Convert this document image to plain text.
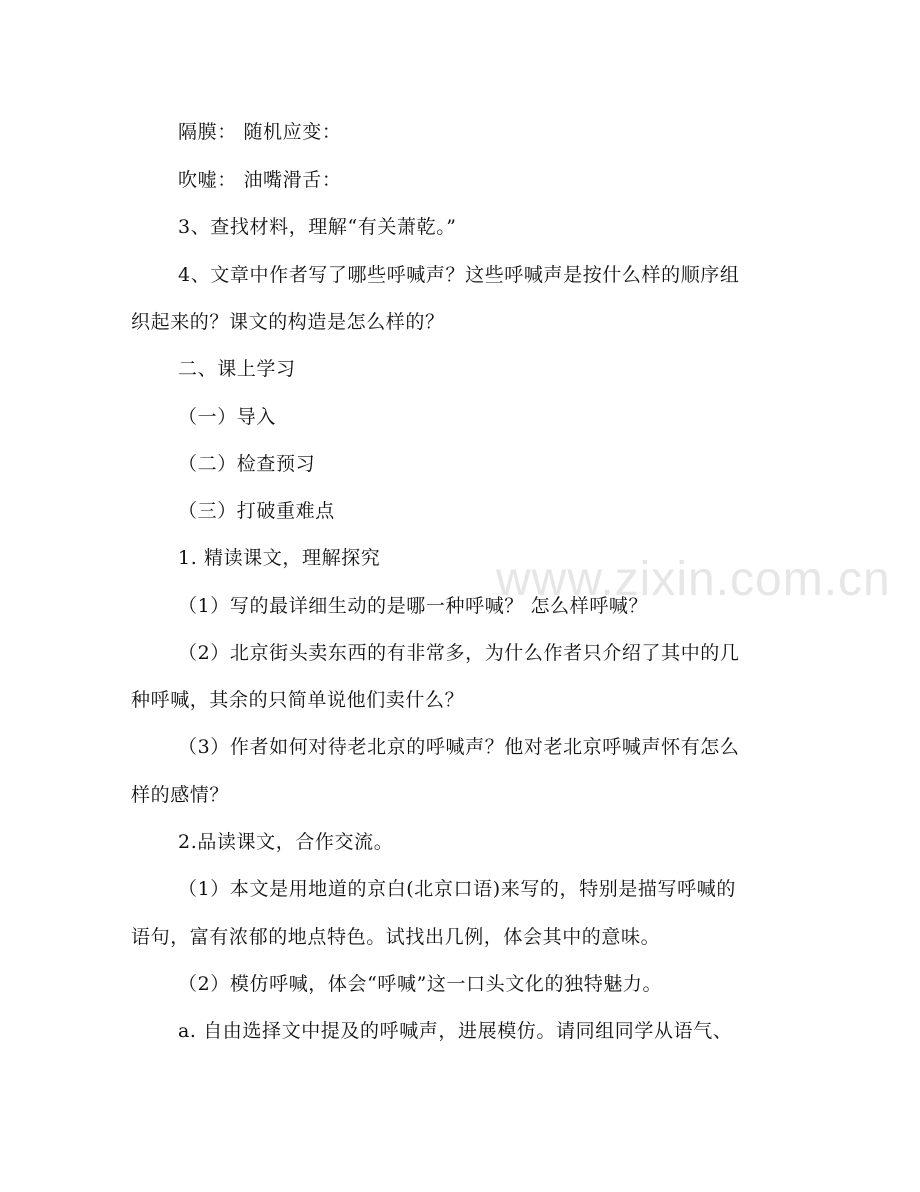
隔膜： 随机应变：
吹嘘： 油嘴滑舌：
3、查找材料，理解“有关萧乾。”
4、文章中作者写了哪些呼喊声？这些呼喊声是按什么样的顺序组
织起来的？课文的构造是怎么样的？
二、课上学习
（一）导入
（二）检查预习
（三）打破重难点
1. 精读课文，理解探究
（1）写的最详细生动的是哪一种呼喊？ 怎么样呼喊？
（2）北京街头卖东西的有非常多，为什么作者只介绍了其中的几
种呼喊，其余的只简单说他们卖什么？
（3）作者如何对待老北京的呼喊声？他对老北京呼喊声怀有怎么
样的感情？
2.品读课文，合作交流。
（1）本文是用地道的京白(北京口语)来写的，特别是描写呼喊的
语句，富有浓郁的地点特色。试找出几例，体会其中的意味。
（2）模仿呼喊，体会“呼喊”这一口头文化的独特魅力。
a. 自由选择文中提及的呼喊声，进展模仿。请同组同学从语气、
www.zixin.com.cn
